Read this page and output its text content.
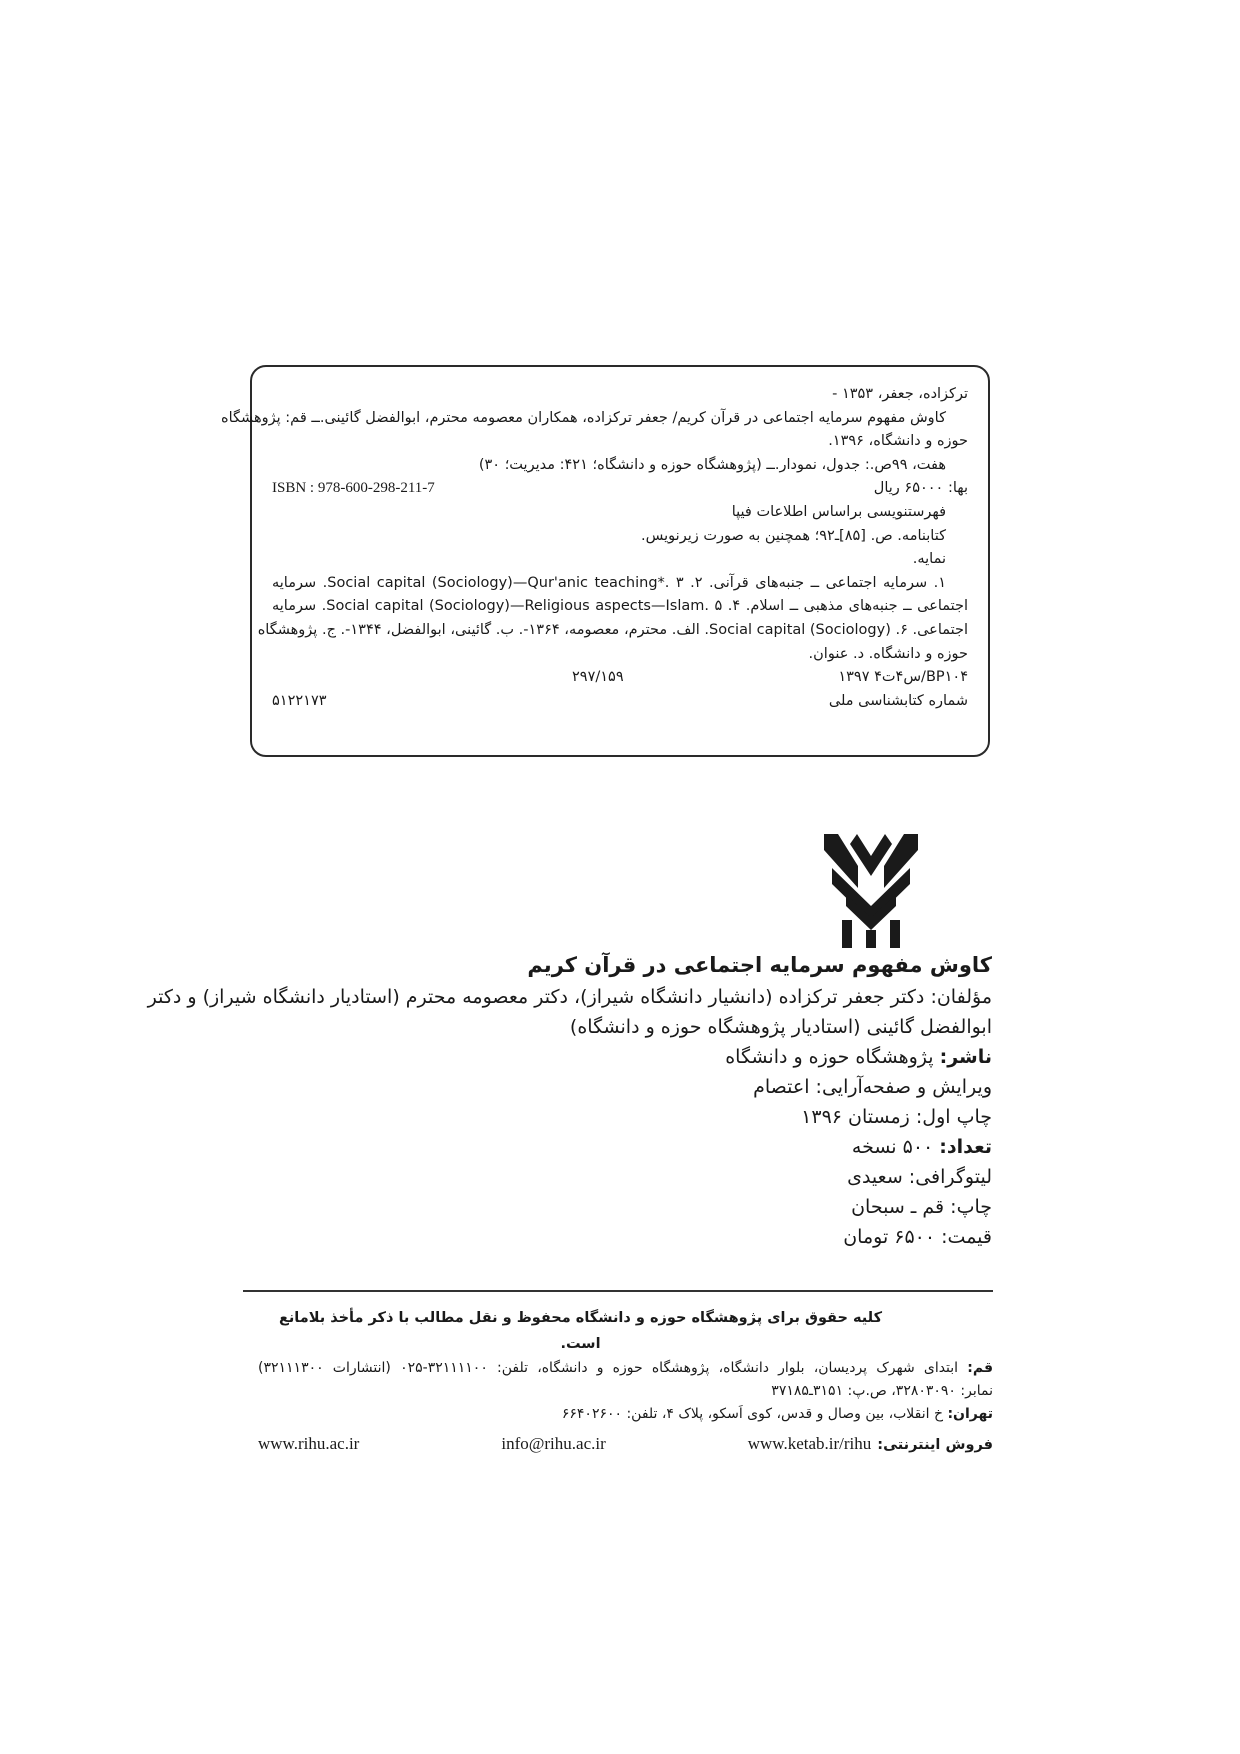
ترکزاده، جعفر، ۱۳۵۳ -
کاوش مفهوم سرمایه اجتماعی در قرآن کریم/ جعفر ترکزاده، همکاران معصومه محترم، ابوالفضل گائینی.ــ قم: پژوهشگاه
حوزه و دانشگاه، ۱۳۹۶.
هفت، ۹۹ص.: جدول، نمودار.ــ (پژوهشگاه حوزه و دانشگاه؛ ۴۲۱: مدیریت؛ ۳۰)
بها: ۶۵۰۰۰ ریال
ISBN : 978-600-298-211-7
فهرستنویسی براساس اطلاعات فیپا
کتابنامه. ص. [۸۵]ـ۹۲؛ همچنین به صورت زیرنویس.
نمایه.
۱. سرمایه اجتماعی ــ جنبه‌های قرآنی. ۲. Social capital (Sociology)—Qur'anic teaching*. ۳. سرمایه
اجتماعی ــ جنبه‌های مذهبی ــ اسلام. ۴. Social capital (Sociology)—Religious aspects—Islam. ۵. سرمایه
اجتماعی. ۶. Social capital (Sociology). الف. محترم، معصومه، ۱۳۶۴-. ب. گائینی، ابوالفضل، ۱۳۴۴-. ج. پژوهشگاه
حوزه و دانشگاه. د. عنوان.
BP۱۰۴/س۴ت۴ ۱۳۹۷
۲۹۷/۱۵۹
شماره کتابشناسی ملی
۵۱۲۲۱۷۳
کاوش مفهوم سرمایه اجتماعی در قرآن کریم
مؤلفان: دکتر جعفر ترکزاده (دانشیار دانشگاه شیراز)، دکتر معصومه محترم (استادیار دانشگاه شیراز) و دکتر
ابوالفضل گائینی (استادیار پژوهشگاه حوزه و دانشگاه)
ناشر: پژوهشگاه حوزه و دانشگاه
ویرایش و صفحه‌آرایی: اعتصام
چاپ اول: زمستان ۱۳۹۶
تعداد: ۵۰۰ نسخه
لیتوگرافی: سعیدی
چاپ: قم ـ سبحان
قیمت: ۶۵۰۰ تومان
کلیه حقوق برای پژوهشگاه حوزه و دانشگاه محفوظ و نقل مطالب با ذکر مأخذ بلامانع است.
قم: ابتدای شهرک پردیسان، بلوار دانشگاه، پژوهشگاه حوزه و دانشگاه، تلفن: ۳۲۱۱۱۱۰۰-۰۲۵ (انتشارات ۳۲۱۱۱۳۰۰)
نمابر: ۳۲۸۰۳۰۹۰، ص.پ: ۳۱۵۱ـ۳۷۱۸۵
تهران: خ انقلاب، بین وصال و قدس، کوی اَسکو، پلاک ۴، تلفن: ۶۶۴۰۲۶۰۰
فروش اینترنتی:
www.ketab.ir/rihu
info@rihu.ac.ir
www.rihu.ac.ir
